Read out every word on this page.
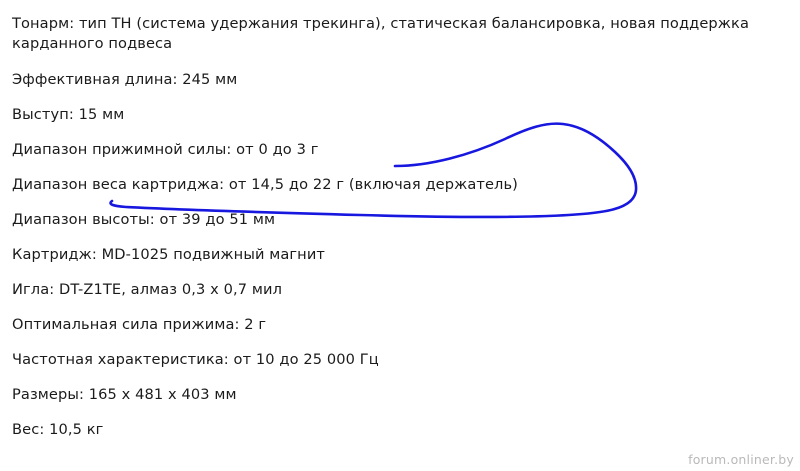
Тонарм: тип TH (система удержания трекинга), статическая балансировка, новая поддержка карданного подвеса
Эффективная длина: 245 мм
Выступ: 15 мм
Диапазон прижимной силы: от 0 до 3 г
Диапазон веса картриджа: от 14,5 до 22 г (включая держатель)
Диапазон высоты: от 39 до 51 мм
Картридж: MD-1025 подвижный магнит
Игла: DT-Z1TE, алмаз 0,3 x 0,7 мил
Оптимальная сила прижима: 2 г
Частотная характеристика: от 10 до 25 000 Гц
Размеры: 165 x 481 x 403 мм
Вес: 10,5 кг
forum.onliner.by
